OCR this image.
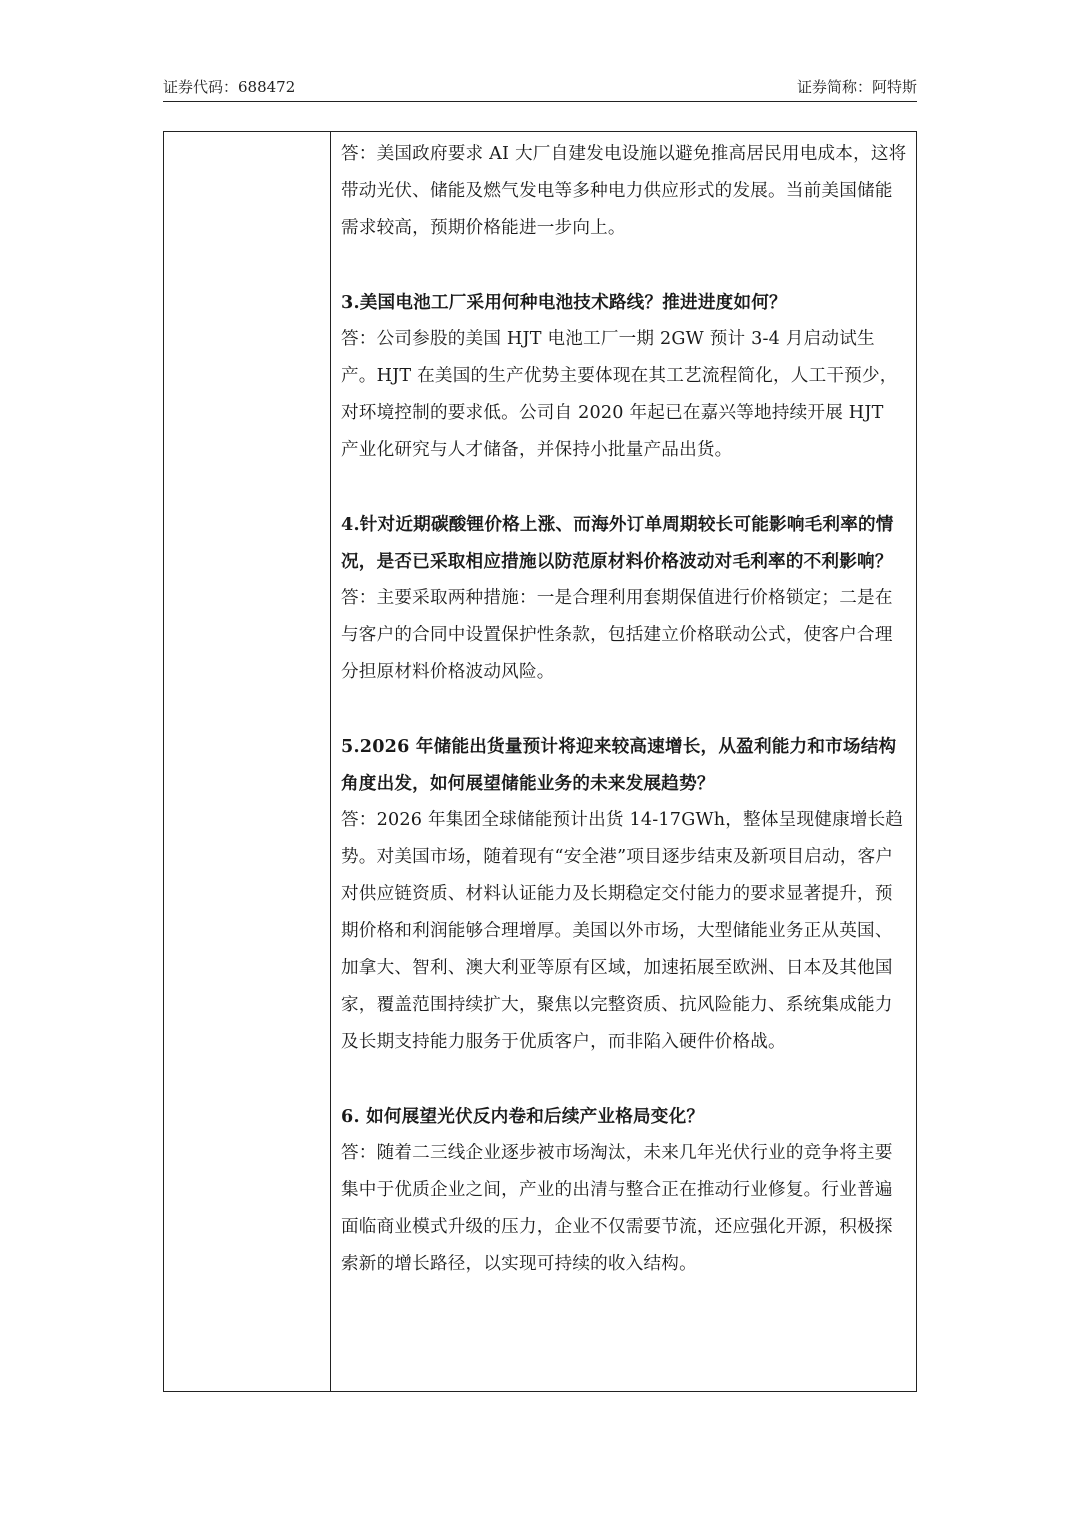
证券代码：688472	证券简称：阿特斯

答：美国政府要求 AI 大厂自建发电设施以避免推高居民用电成本，这将带动光伏、储能及燃气发电等多种电力供应形式的发展。当前美国储能需求较高，预期价格能进一步向上。

3.美国电池工厂采用何种电池技术路线？推进进度如何？

答：公司参股的美国 HJT 电池工厂一期 2GW 预计 3-4 月启动试生产。HJT 在美国的生产优势主要体现在其工艺流程简化，人工干预少，对环境控制的要求低。公司自 2020 年起已在嘉兴等地持续开展 HJT 产业化研究与人才储备，并保持小批量产品出货。

4.针对近期碳酸锂价格上涨、而海外订单周期较长可能影响毛利率的情况，是否已采取相应措施以防范原材料价格波动对毛利率的不利影响？

答：主要采取两种措施：一是合理利用套期保值进行价格锁定；二是在与客户的合同中设置保护性条款，包括建立价格联动公式，使客户合理分担原材料价格波动风险。

5.2026 年储能出货量预计将迎来较高速增长，从盈利能力和市场结构角度出发，如何展望储能业务的未来发展趋势？

答：2026 年集团全球储能预计出货 14-17GWh，整体呈现健康增长趋势。对美国市场，随着现有“安全港”项目逐步结束及新项目启动，客户对供应链资质、材料认证能力及长期稳定交付能力的要求显著提升，预期价格和利润能够合理增厚。美国以外市场，大型储能业务正从英国、加拿大、智利、澳大利亚等原有区域，加速拓展至欧洲、日本及其他国家，覆盖范围持续扩大，聚焦以完整资质、抗风险能力、系统集成能力及长期支持能力服务于优质客户，而非陷入硬件价格战。

6. 如何展望光伏反内卷和后续产业格局变化？

答：随着二三线企业逐步被市场淘汰，未来几年光伏行业的竞争将主要集中于优质企业之间，产业的出清与整合正在推动行业修复。行业普遍面临商业模式升级的压力，企业不仅需要节流，还应强化开源，积极探索新的增长路径，以实现可持续的收入结构。
